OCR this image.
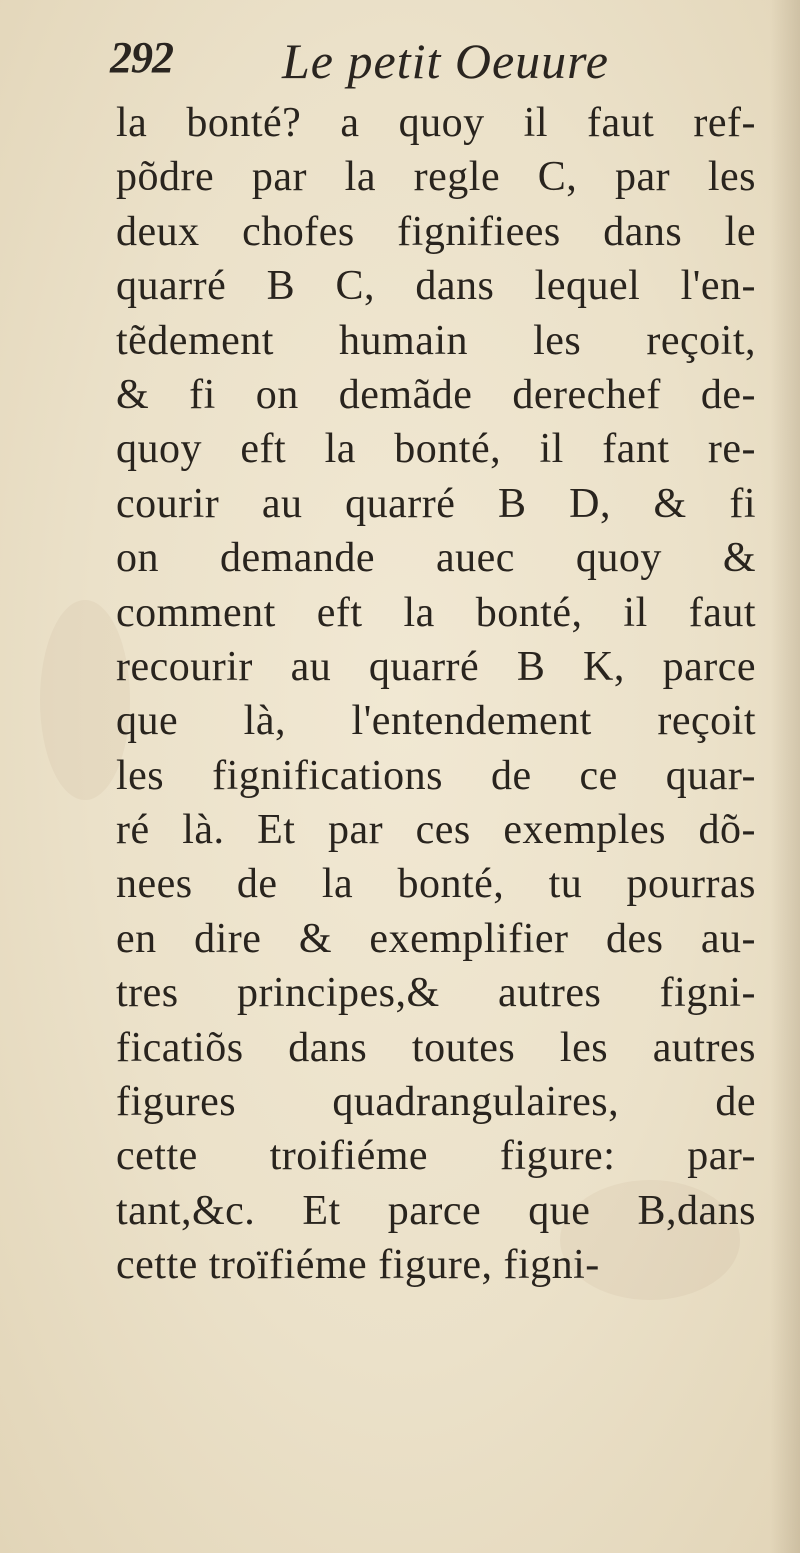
292 Le petit Oeuure
la bonté? a quoy il faut ref-
põdre par la regle C, par les
deux chofes fignifiees dans le
quarré B C, dans lequel l'en-
tẽdement humain les reçoit,
& fi on demãde derechef de-
quoy eft la bonté, il fant re-
courir au quarré B D, & fi
on demande auec quoy &
comment eft la bonté, il faut
recourir au quarré B K, parce
que là, l'entendement reçoit
les fignifications de ce quar-
ré là. Et par ces exemples dõ-
nees de la bonté, tu pourras
en dire & exemplifier des au-
tres principes,& autres figni-
ficatiõs dans toutes les autres
figures quadrangulaires, de
cette troifiéme figure: par-
tant,&c. Et parce que B,dans
cette troïfiéme figure, figni-
